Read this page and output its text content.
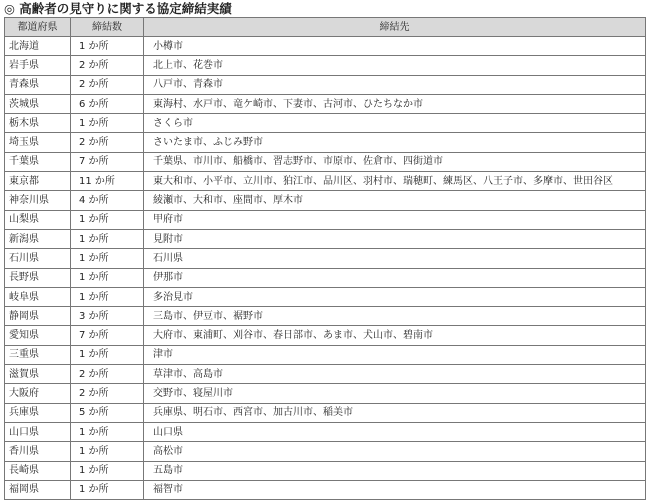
◎ 高齢者の見守りに関する協定締結実績
都道府県	締結数	締結先
北海道	1 か所	小樽市
岩手県	2 か所	北上市、花巻市
青森県	2 か所	八戸市、青森市
茨城県	6 か所	東海村、水戸市、竜ケ崎市、下妻市、古河市、ひたちなか市
栃木県	1 か所	さくら市
埼玉県	2 か所	さいたま市、ふじみ野市
千葉県	7 か所	千葉県、市川市、船橋市、習志野市、市原市、佐倉市、四街道市
東京都	11 か所	東大和市、小平市、立川市、狛江市、品川区、羽村市、瑞穂町、練馬区、八王子市、多摩市、世田谷区
神奈川県	4 か所	綾瀬市、大和市、座間市、厚木市
山梨県	1 か所	甲府市
新潟県	1 か所	見附市
石川県	1 か所	石川県
長野県	1 か所	伊那市
岐阜県	1 か所	多治見市
静岡県	3 か所	三島市、伊豆市、裾野市
愛知県	7 か所	大府市、東浦町、刈谷市、春日部市、あま市、犬山市、碧南市
三重県	1 か所	津市
滋賀県	2 か所	草津市、高島市
大阪府	2 か所	交野市、寝屋川市
兵庫県	5 か所	兵庫県、明石市、西宮市、加古川市、稲美市
山口県	1 か所	山口県
香川県	1 か所	高松市
長崎県	1 か所	五島市
福岡県	1 か所	福智市
